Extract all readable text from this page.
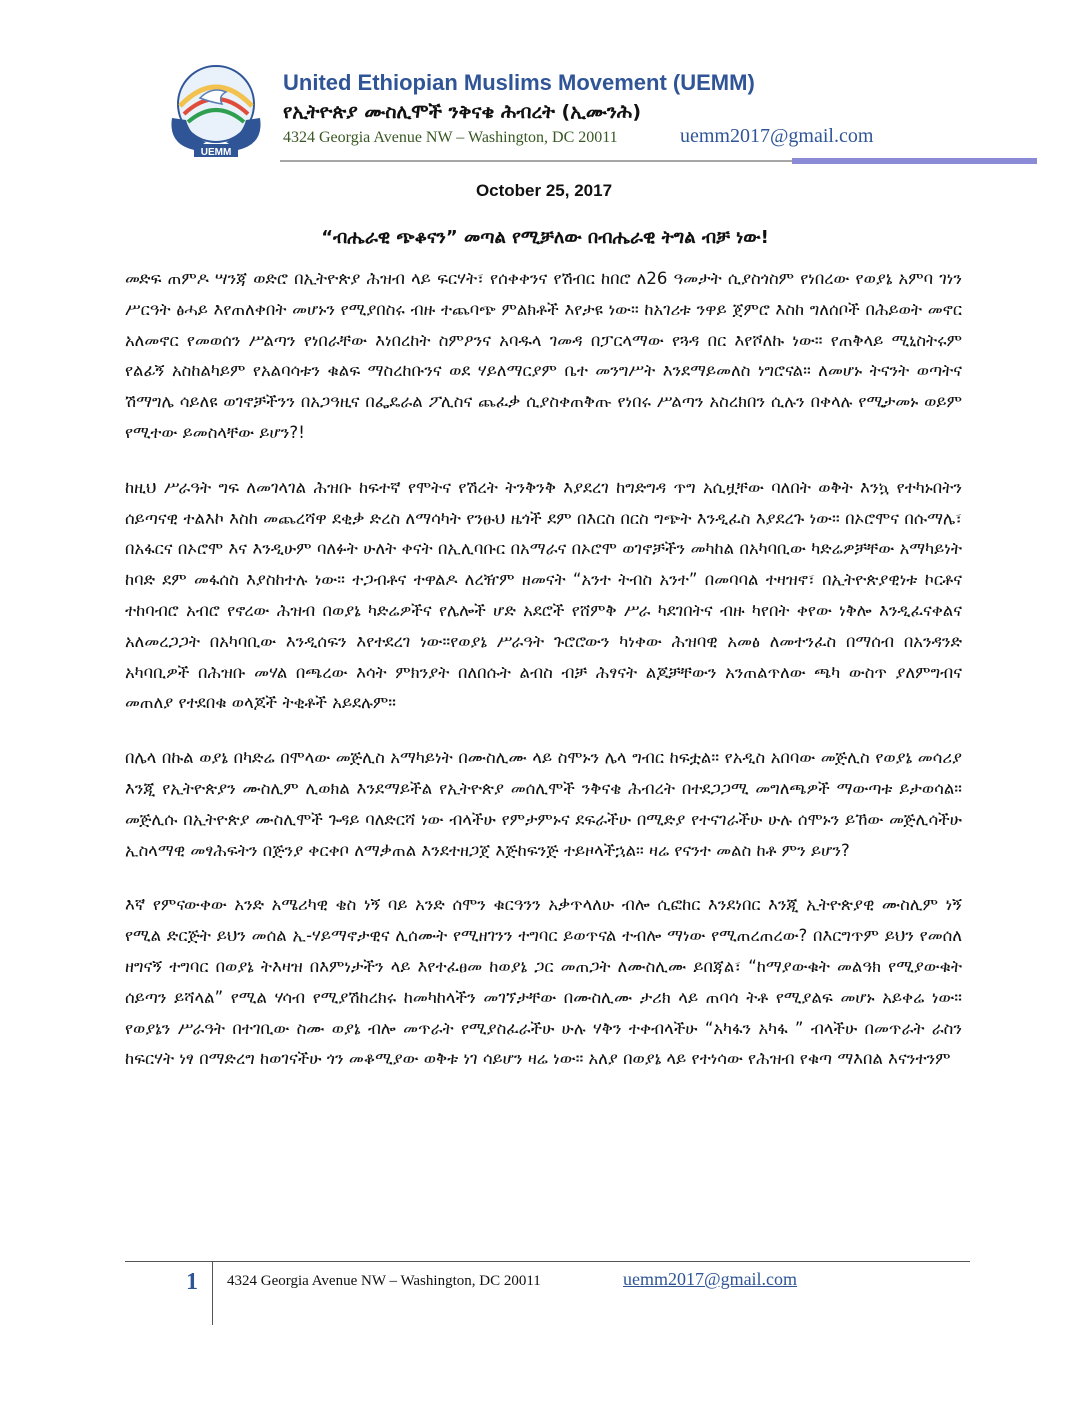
UEMM
United Ethiopian Muslims Movement (UEMM)
የኢትዮጵያ ሙስሊሞች ንቅናቄ ሕብረት (ኢሙንሕ)
4324 Georgia Avenue NW – Washington, DC 20011	uemm2017@gmail.com
October 25, 2017
“ብሔራዊ ጭቆናን” መጣል የሚቻለው በብሔራዊ ትግል ብቻ ነው!

መድፍ ጠምዶ ሣንጃ ወድሮ በኢትዮጵያ ሕዝብ ላይ ፍርሃት፣ የሰቀቀንና የሽብር ከበሮ ለ26 ዓመታት ሲያስጎስም የነበረው የወያኔ አምባ ገነን ሥርዓት ፅሓይ እየጠለቀበት መሆኑን የሚያበስሩ ብዙ ተጨባጭ ምልክቶች እየታዩ ነው። ከአገሪቱ ንዋይ ጀምሮ እስከ ግለሰቦች በሕይወት መኖር አለመኖር የመወሰን ሥልጣን የነበራቸው እነበረከት ስምዖንና አባዱላ ገመዳ በፓርላማው የጓዳ በር እየሾለኩ ነው። የጠቅላይ ሚኒስትሩም የልፊኝ አስከልካይም የአልባሳቱን ቁልፍ ማስረከቡንና ወደ ሃይለማርያም ቤተ መንግሥት እንደማይመለስ ነግሮናል። ለመሆኑ ትናንት ወጣትና ሽማግሌ ሳይለዩ ወገኖቻችንን በአጋዓዚና በፌዴራል ፖሊስና ጨፈቃ ሲያስቀጠቅጡ የነበሩ ሥልጣን አስረክበን ሲሉን በቀላሉ የሚታመኑ ወይም የሚተው ይመስላቸው ይሆን?!

ከዚህ ሥራዓት ግፍ ለመገላገል ሕዝቡ ከፍተኛ የሞትና የሽረት ትንቅንቅ እያደረገ ከግድግዳ ጥግ አሲዟቸው ባለበት ወቅት እንኳ የተካኑበትን ሰይጣናዊ ተልእኮ እስከ መጨረሻዋ ደቂቃ ድረስ ለማሳካት የንፁህ ዜጎች ደም በእርስ በርስ ግጭት እንዲፈስ እያደረጉ ነው። በኦሮሞና በሱማሌ፣ በአፋርና በኦሮሞ እና እንዲሁም ባለፉት ሁለት ቀናት በኢሊባቡር በአማራና በኦሮሞ ወገኖቻችን መካከል በአካባቢው ካድሬዎቻቸው አማካይነት ከባድ ደም መፋሰስ እያስከተሉ ነው። ተጋብቶና ተዋልዶ ለረዥም ዘመናት “አንተ ትብስ አንተ” በመባባል ተዛዝኖ፣ በኢትዮጵያዊነቱ ኮርቶና ተከባብሮ አብሮ የኖረው ሕዝብ በወያኔ ካድሬዎችና የሌሎች ሆድ አደሮች የሸምቅ ሥራ ካደገበትና ብዙ ካየበት ቀየው ነቅሎ እንዲፈናቀልና አለመረጋጋት በአካባቢው እንዲሰፍን እየተደረገ ነው።የወያኔ ሥራዓት ጉሮሮውን ካነቀው ሕዝባዊ አመፅ ለመተንፈስ በማሰብ በአንዳንድ አካባቢዎች በሕዝቡ መሃል በጫረው እሳት ምክንያት በለበሱት ልብስ ብቻ ሕፃናት ልጆቻቸውን አንጠልጥለው ጫካ ውስጥ ያለምግብና መጠለያ የተደበቁ ወላጆች ትቂቶች አይደሉም።

በሌላ በኩል ወያኔ በካድሬ በሞላው መጅሊስ አማካይነት በሙስሊሙ ላይ ስሞኑን ሌላ ግብር ከፍቷል። የአዲስ አበባው መጅሊስ የወያኔ መሳሪያ እንጂ የኢትዮጵያን ሙስሊም ሊወክል እንደማይችል የኢትዮጵያ መሰሊሞች ንቅናቄ ሕብረት በተደጋጋሚ መግለጫዎች ማውጣቱ ይታወሳል። መጅሊሱ በኢትዮጵያ ሙስሊሞች ጉዳይ ባለድርሻ ነው ብላችሁ የምታምኑና ደፍራችሁ በሚድያ የተናገራችሁ ሁሉ ሰሞኑን ይኸው መጅሊሳችሁ ኢስላማዊ መፃሕፍትን በጅንያ ቀርቀቦ ለማቃጠል እንደተዘጋጀ እጅከፍንጅ ተይዞላችኋል። ዛሬ የናንተ መልስ ከቶ ምን ይሆን?

እኛ የምናውቀው አንድ አሜሪካዊ ቄስ ነኝ ባይ አንድ ሰሞን ቁርዓንን አቃጥላለሁ ብሎ ሲፎከር እንደነበር እንጂ ኢትዮጵያዊ ሙስሊም ነኝ የሚል ድርጅት ይህን መሰል ኢ-ሃይማኖታዊና ሊሰሙት የሚዘገንን ተግባር ይወጥናል ተብሎ ማነው የሚጠረጠረው? በእርግጥም ይህን የመሰለ ዘግናኝ ተግባር በወያኔ ትእዛዝ በእምነታችን ላይ እየተፈፀመ ከወያኔ ጋር መጠጋት ለሙስሊሙ ይበጃል፣ “ከማያውቁት መልዓክ የሚያውቁት ሰይጣን ይሻላል” የሚል ሃሳብ የሚያሽከረክሩ ከመካከላችን መገኘታቸው በሙስሊሙ ታሪክ ላይ ጠባሳ ትቶ የሚያልፍ መሆኑ አይቀሬ ነው። የወያኔን ሥራዓት በተገቢው ስሙ ወያኔ ብሎ መጥራት የሚያስፈራችሁ ሁሉ ሃቅን ተቀብላችሁ “አካፋን አካፋ ” ብላችሁ በመጥራት ራስን ከፍርሃት ነፃ በማድረግ ከወገናችሁ ጎን መቆሚያው ወቅቱ ነገ ሳይሆን ዛሬ ነው። አለያ በወያኔ ላይ የተነሳው የሕዝብ የቁጣ ማእበል እናንተንም

1 4324 Georgia Avenue NW – Washington, DC 20011	uemm2017@gmail.com
